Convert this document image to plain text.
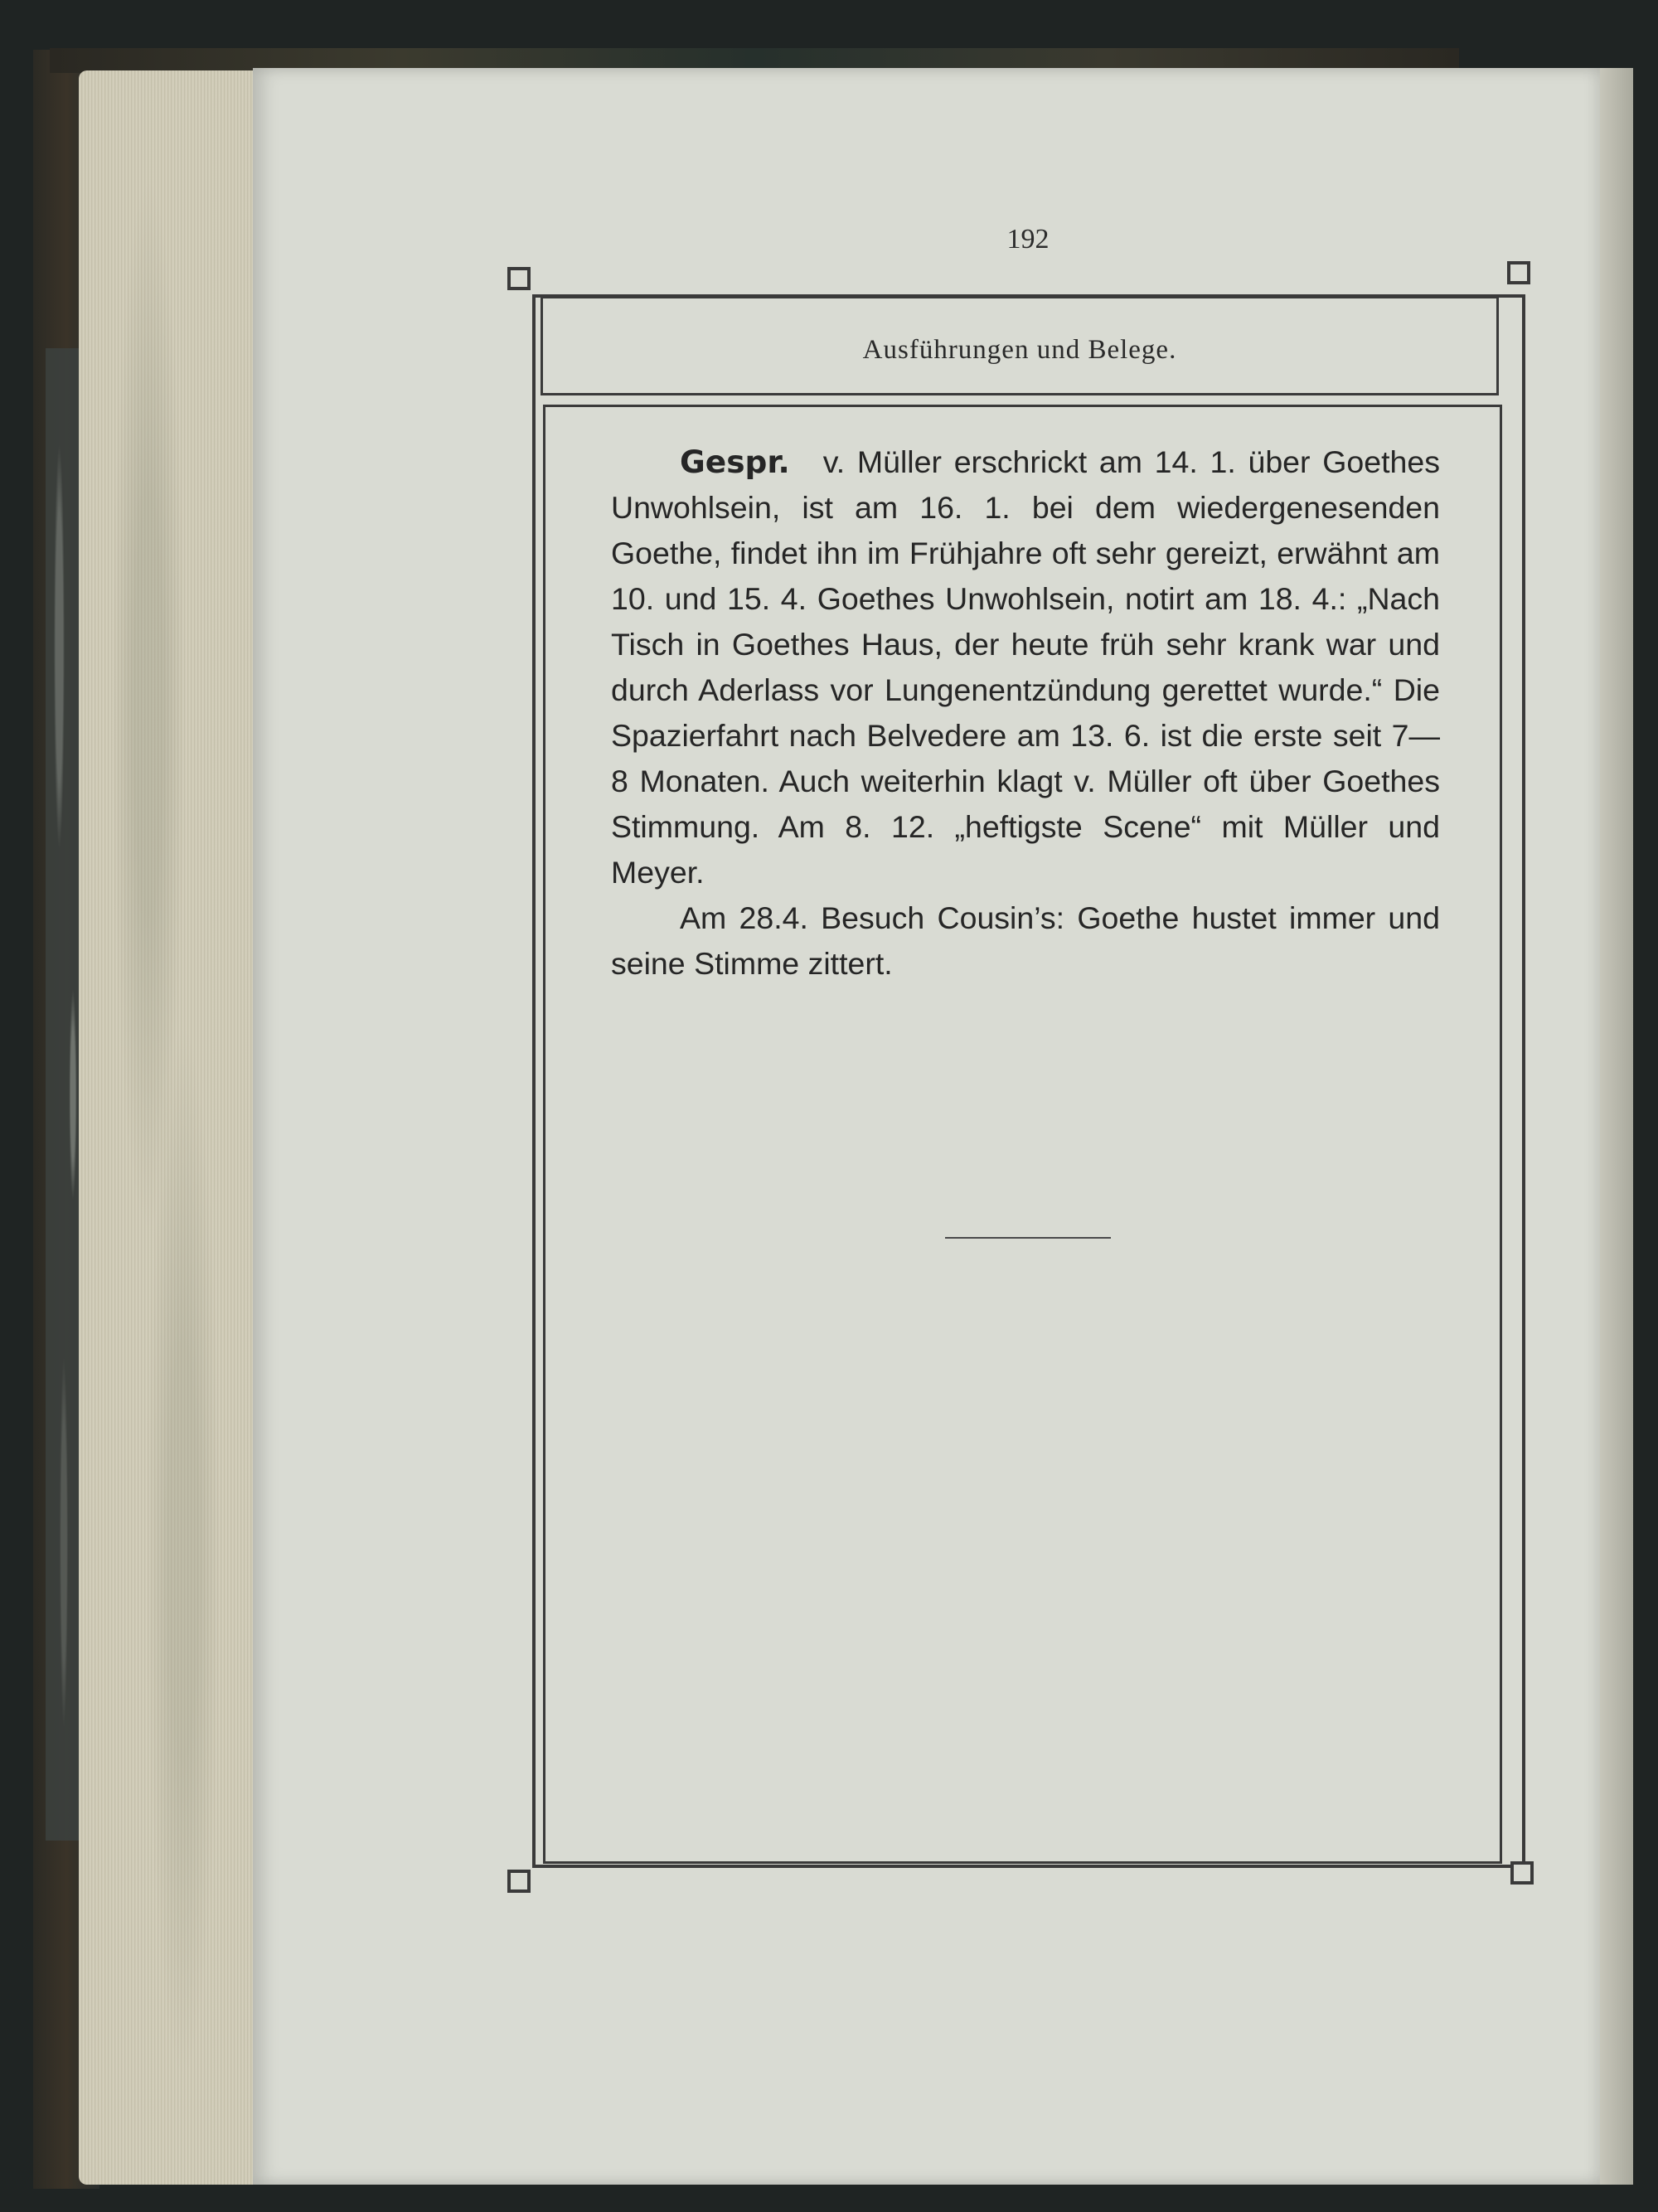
192
Ausführungen und Belege.

Gespr. v. Müller erschrickt am 14. 1. über Goethes Unwohlsein, ist am 16. 1. bei dem wiedergenesenden Goethe, findet ihn im Frühjahre oft sehr gereizt, erwähnt am 10. und 15. 4. Goethes Unwohlsein, notirt am 18. 4.: „Nach Tisch in Goethes Haus, der heute früh sehr krank war und durch Aderlass vor Lungenentzündung gerettet wurde.“ Die Spazierfahrt nach Belvedere am 13. 6. ist die erste seit 7—8 Monaten. Auch weiterhin klagt v. Müller oft über Goethes Stimmung. Am 8. 12. „heftigste Scene“ mit Müller und Meyer.

Am 28.4. Besuch Cousin’s: Goethe hustet immer und seine Stimme zittert.
